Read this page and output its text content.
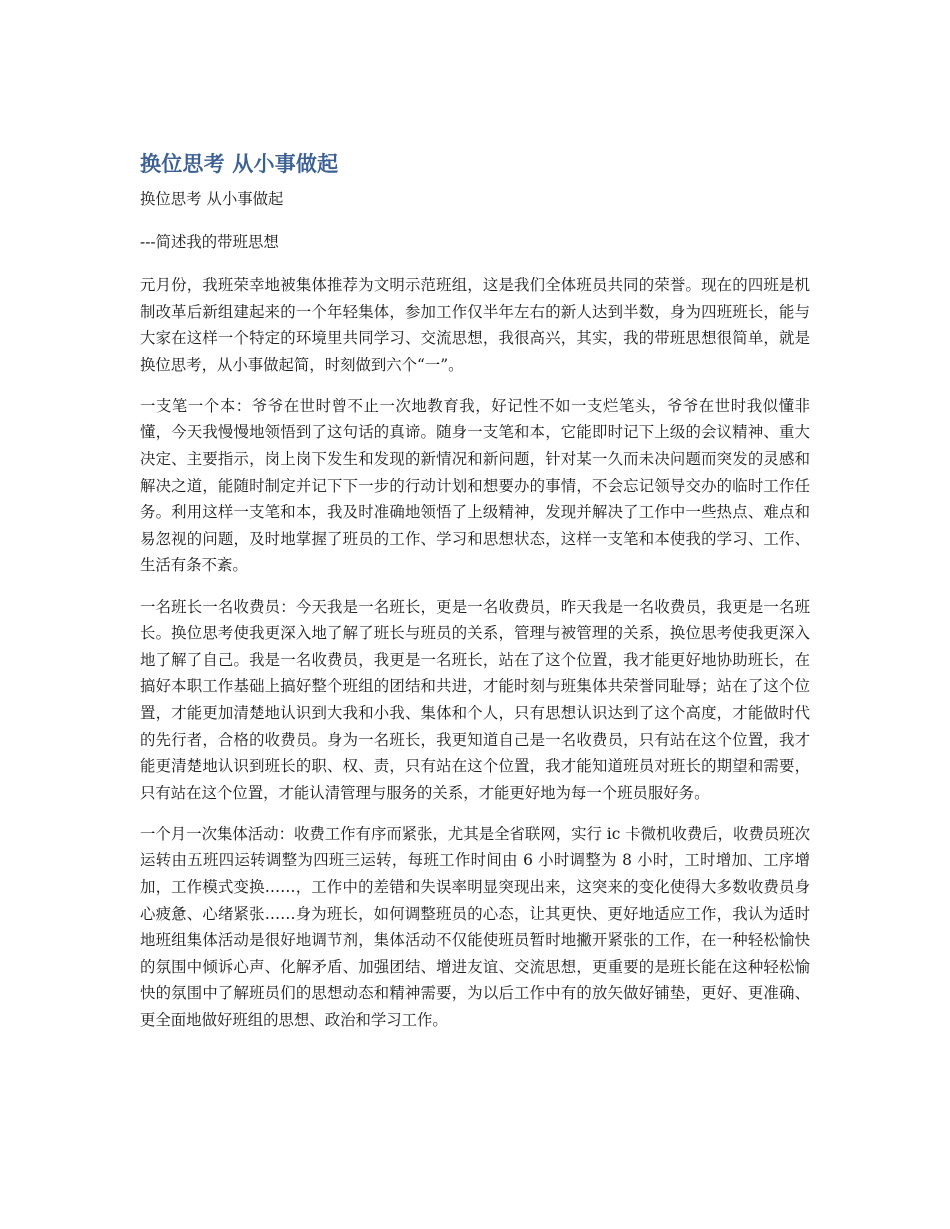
换位思考 从小事做起

换位思考 从小事做起

---简述我的带班思想

元月份，我班荣幸地被集体推荐为文明示范班组，这是我们全体班员共同的荣誉。现在的四班是机制改革后新组建起来的一个年轻集体，参加工作仅半年左右的新人达到半数，身为四班班长，能与大家在这样一个特定的环境里共同学习、交流思想，我很高兴，其实，我的带班思想很简单，就是换位思考，从小事做起简，时刻做到六个“一”。

一支笔一个本：爷爷在世时曾不止一次地教育我，好记性不如一支烂笔头，爷爷在世时我似懂非懂，今天我慢慢地领悟到了这句话的真谛。随身一支笔和本，它能即时记下上级的会议精神、重大决定、主要指示，岗上岗下发生和发现的新情况和新问题，针对某一久而未决问题而突发的灵感和解决之道，能随时制定并记下下一步的行动计划和想要办的事情，不会忘记领导交办的临时工作任务。利用这样一支笔和本，我及时准确地领悟了上级精神，发现并解决了工作中一些热点、难点和易忽视的问题，及时地掌握了班员的工作、学习和思想状态，这样一支笔和本使我的学习、工作、生活有条不紊。

一名班长一名收费员：今天我是一名班长，更是一名收费员，昨天我是一名收费员，我更是一名班长。换位思考使我更深入地了解了班长与班员的关系，管理与被管理的关系，换位思考使我更深入地了解了自己。我是一名收费员，我更是一名班长，站在了这个位置，我才能更好地协助班长，在搞好本职工作基础上搞好整个班组的团结和共进，才能时刻与班集体共荣誉同耻辱；站在了这个位置，才能更加清楚地认识到大我和小我、集体和个人，只有思想认识达到了这个高度，才能做时代的先行者，合格的收费员。身为一名班长，我更知道自己是一名收费员，只有站在这个位置，我才能更清楚地认识到班长的职、权、责，只有站在这个位置，我才能知道班员对班长的期望和需要，只有站在这个位置，才能认清管理与服务的关系，才能更好地为每一个班员服好务。

一个月一次集体活动：收费工作有序而紧张，尤其是全省联网，实行 ic 卡微机收费后，收费员班次运转由五班四运转调整为四班三运转，每班工作时间由 6 小时调整为 8 小时，工时增加、工序增加，工作模式变换……，工作中的差错和失误率明显突现出来，这突来的变化使得大多数收费员身心疲惫、心绪紧张……身为班长，如何调整班员的心态，让其更快、更好地适应工作，我认为适时地班组集体活动是很好地调节剂，集体活动不仅能使班员暂时地撇开紧张的工作，在一种轻松愉快的氛围中倾诉心声、化解矛盾、加强团结、增进友谊、交流思想，更重要的是班长能在这种轻松愉快的氛围中了解班员们的思想动态和精神需要，为以后工作中有的放矢做好铺垫，更好、更准确、更全面地做好班组的思想、政治和学习工作。
